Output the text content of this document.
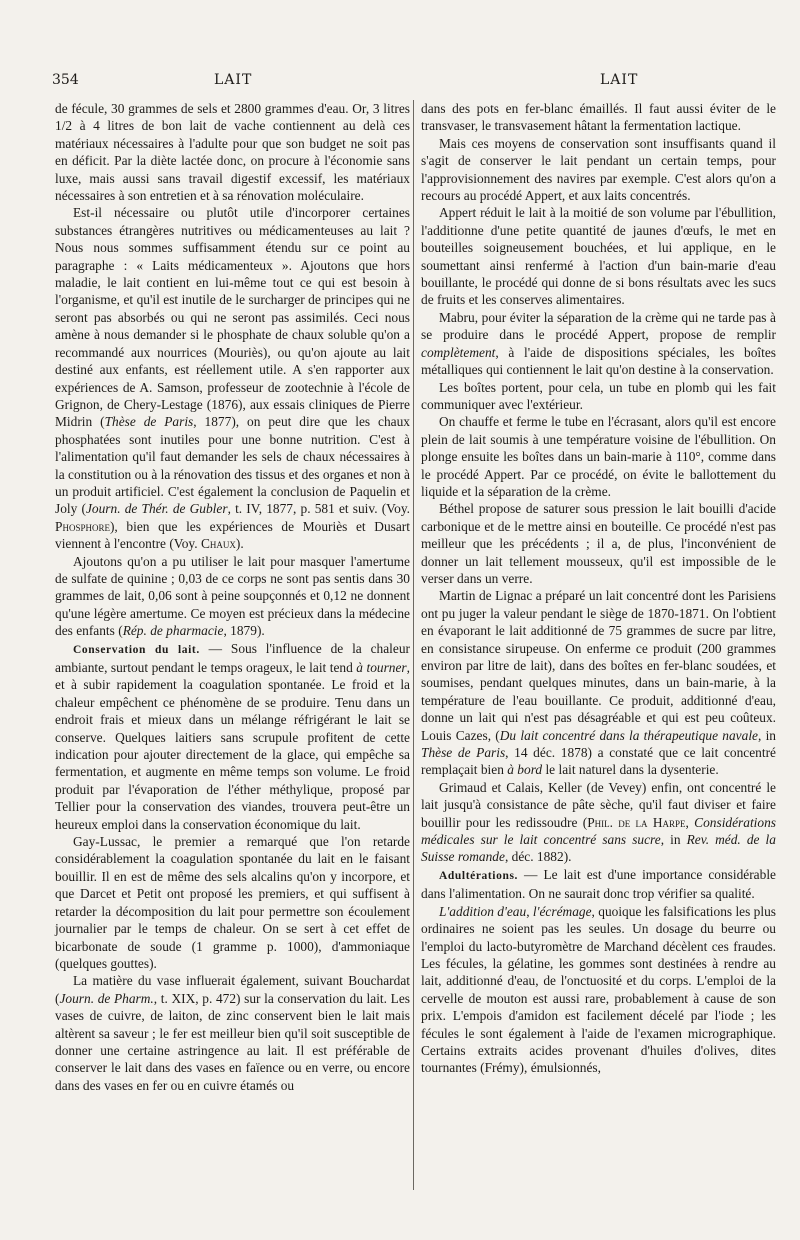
354	LAIT	LAIT

de fécule, 30 grammes de sels et 2800 grammes d'eau. Or, 3 litres 1/2 à 4 litres de bon lait de vache contiennent au delà ces matériaux nécessaires à l'adulte pour que son budget ne soit pas en déficit. Par la diète lactée donc, on procure à l'économie sans luxe, mais aussi sans travail digestif excessif, les matériaux nécessaires à son entretien et à sa rénovation moléculaire.

Est-il nécessaire ou plutôt utile d'incorporer certaines substances étrangères nutritives ou médicamenteuses au lait ? Nous nous sommes suffisamment étendu sur ce point au paragraphe : « Laits médicamenteux ». Ajoutons que hors maladie, le lait contient en lui-même tout ce qui est besoin à l'organisme, et qu'il est inutile de le surcharger de principes qui ne seront pas absorbés ou qui ne seront pas assimilés. Ceci nous amène à nous demander si le phosphate de chaux soluble qu'on a recommandé aux nourrices (Mouriès), ou qu'on ajoute au lait destiné aux enfants, est réellement utile. A s'en rapporter aux expériences de A. Samson, professeur de zootechnie à l'école de Grignon, de Chery-Lestage (1876), aux essais cliniques de Pierre Midrin (Thèse de Paris, 1877), on peut dire que les chaux phosphatées sont inutiles pour une bonne nutrition. C'est à l'alimentation qu'il faut demander les sels de chaux nécessaires à la constitution ou à la rénovation des tissus et des organes et non à un produit artificiel. C'est également la conclusion de Paquelin et Joly (Journ. de Thér. de Gubler, t. IV, 1877, p. 581 et suiv. (Voy. Phosphore), bien que les expériences de Mouriès et Dusart viennent à l'encontre (Voy. Chaux).

Ajoutons qu'on a pu utiliser le lait pour masquer l'amertume de sulfate de quinine ; 0,03 de ce corps ne sont pas sentis dans 30 grammes de lait, 0,06 sont à peine soupçonnés et 0,12 ne donnent qu'une légère amertume. Ce moyen est précieux dans la médecine des enfants (Rép. de pharmacie, 1879).

Conservation du lait. — Sous l'influence de la chaleur ambiante, surtout pendant le temps orageux, le lait tend à tourner, et à subir rapidement la coagulation spontanée. Le froid et la chaleur empêchent ce phénomène de se produire. Tenu dans un endroit frais et mieux dans un mélange réfrigérant le lait se conserve. Quelques laitiers sans scrupule profitent de cette indication pour ajouter directement de la glace, qui empêche sa fermentation, et augmente en même temps son volume. Le froid produit par l'évaporation de l'éther méthylique, proposé par Tellier pour la conservation des viandes, trouvera peut-être un heureux emploi dans la conservation économique du lait.

Gay-Lussac, le premier a remarqué que l'on retarde considérablement la coagulation spontanée du lait en le faisant bouillir. Il en est de même des sels alcalins qu'on y incorpore, et que Darcet et Petit ont proposé les premiers, et qui suffisent à retarder la décomposition du lait pour permettre son écoulement journalier par le temps de chaleur. On se sert à cet effet de bicarbonate de soude (1 gramme p. 1000), d'ammoniaque (quelques gouttes).

La matière du vase influerait également, suivant Bouchardat (Journ. de Pharm., t. XIX, p. 472) sur la conservation du lait. Les vases de cuivre, de laiton, de zinc conservent bien le lait mais altèrent sa saveur ; le fer est meilleur bien qu'il soit susceptible de donner une certaine astringence au lait. Il est préférable de conserver le lait dans des vases en faïence ou en verre, ou encore dans des vases en fer ou en cuivre étamés ou

dans des pots en fer-blanc émaillés. Il faut aussi éviter de le transvaser, le transvasement hâtant la fermentation lactique.

Mais ces moyens de conservation sont insuffisants quand il s'agit de conserver le lait pendant un certain temps, pour l'approvisionnement des navires par exemple. C'est alors qu'on a recours au procédé Appert, et aux laits concentrés.

Appert réduit le lait à la moitié de son volume par l'ébullition, l'additionne d'une petite quantité de jaunes d'œufs, le met en bouteilles soigneusement bouchées, et lui applique, en le soumettant ainsi renfermé à l'action d'un bain-marie d'eau bouillante, le procédé qui donne de si bons résultats avec les sucs de fruits et les conserves alimentaires.

Mabru, pour éviter la séparation de la crème qui ne tarde pas à se produire dans le procédé Appert, propose de remplir complètement, à l'aide de dispositions spéciales, les boîtes métalliques qui contiennent le lait qu'on destine à la conservation.

Les boîtes portent, pour cela, un tube en plomb qui les fait communiquer avec l'extérieur.

On chauffe et ferme le tube en l'écrasant, alors qu'il est encore plein de lait soumis à une température voisine de l'ébullition. On plonge ensuite les boîtes dans un bain-marie à 110°, comme dans le procédé Appert. Par ce procédé, on évite le ballottement du liquide et la séparation de la crème.

Béthel propose de saturer sous pression le lait bouilli d'acide carbonique et de le mettre ainsi en bouteille. Ce procédé n'est pas meilleur que les précédents ; il a, de plus, l'inconvénient de donner un lait tellement mousseux, qu'il est impossible de le verser dans un verre.

Martin de Lignac a préparé un lait concentré dont les Parisiens ont pu juger la valeur pendant le siège de 1870-1871. On l'obtient en évaporant le lait additionné de 75 grammes de sucre par litre, en consistance sirupeuse. On enferme ce produit (200 grammes environ par litre de lait), dans des boîtes en fer-blanc soudées, et soumises, pendant quelques minutes, dans un bain-marie, à la température de l'eau bouillante. Ce produit, additionné d'eau, donne un lait qui n'est pas désagréable et qui est peu coûteux. Louis Cazes, (Du lait concentré dans la thérapeutique navale, in Thèse de Paris, 14 déc. 1878) a constaté que ce lait concentré remplaçait bien à bord le lait naturel dans la dysenterie.

Grimaud et Calais, Keller (de Vevey) enfin, ont concentré le lait jusqu'à consistance de pâte sèche, qu'il faut diviser et faire bouillir pour les redissoudre (Phil. de la Harpe, Considérations médicales sur le lait concentré sans sucre, in Rev. méd. de la Suisse romande, déc. 1882).

Adultérations. — Le lait est d'une importance considérable dans l'alimentation. On ne saurait donc trop vérifier sa qualité.

L'addition d'eau, l'écrémage, quoique les falsifications les plus ordinaires ne soient pas les seules. Un dosage du beurre ou l'emploi du lacto-butyromètre de Marchand décèlent ces fraudes. Les fécules, la gélatine, les gommes sont destinées à rendre au lait, additionné d'eau, de l'onctuosité et du corps. L'emploi de la cervelle de mouton est aussi rare, probablement à cause de son prix. L'empois d'amidon est facilement décelé par l'iode ; les fécules le sont également à l'aide de l'examen micrographique. Certains extraits acides provenant d'huiles d'olives, dites tournantes (Frémy), émulsionnés,
